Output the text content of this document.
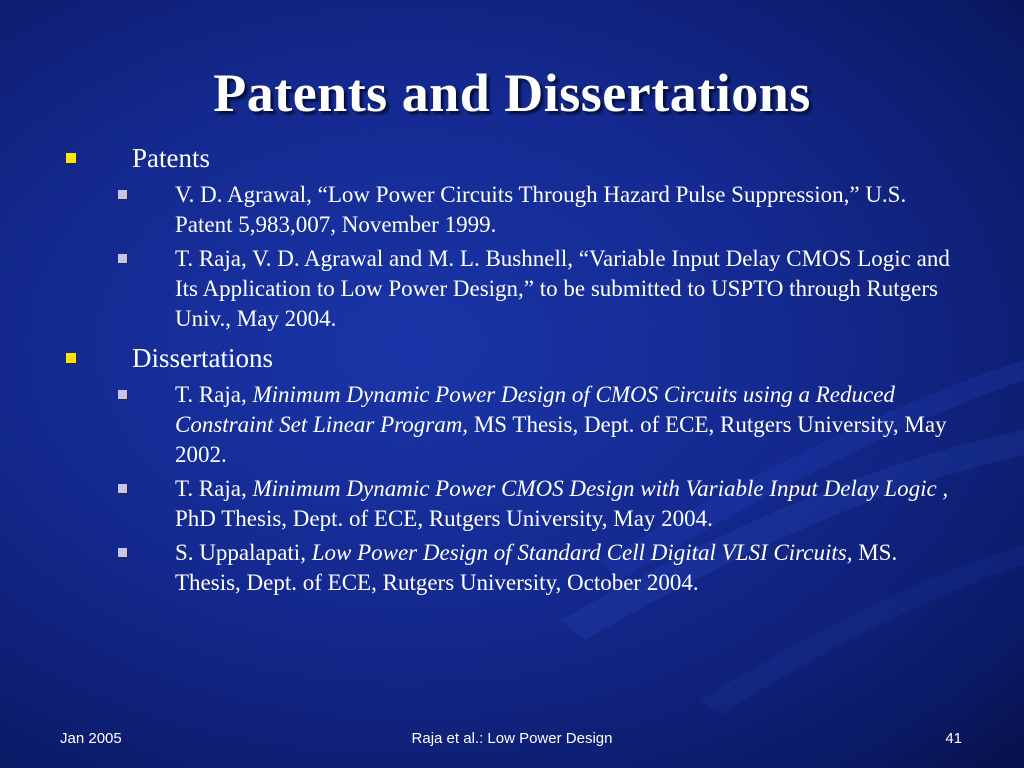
Patents and Dissertations
Patents
V. D. Agrawal, “Low Power Circuits Through Hazard Pulse Suppression,” U.S. Patent 5,983,007, November 1999.
T. Raja, V. D. Agrawal and M. L. Bushnell, “Variable Input Delay CMOS Logic and Its Application to Low Power Design,” to be submitted to USPTO through Rutgers Univ., May 2004.
Dissertations
T. Raja, Minimum Dynamic Power Design of CMOS Circuits using a Reduced Constraint Set Linear Program, MS Thesis, Dept. of ECE, Rutgers University, May 2002.
T. Raja, Minimum Dynamic Power CMOS Design with Variable Input Delay Logic , PhD Thesis, Dept. of ECE, Rutgers University, May 2004.
S. Uppalapati, Low Power Design of Standard Cell Digital VLSI Circuits, MS. Thesis, Dept. of ECE, Rutgers University, October 2004.
Jan 2005	Raja et al.: Low Power Design	41
